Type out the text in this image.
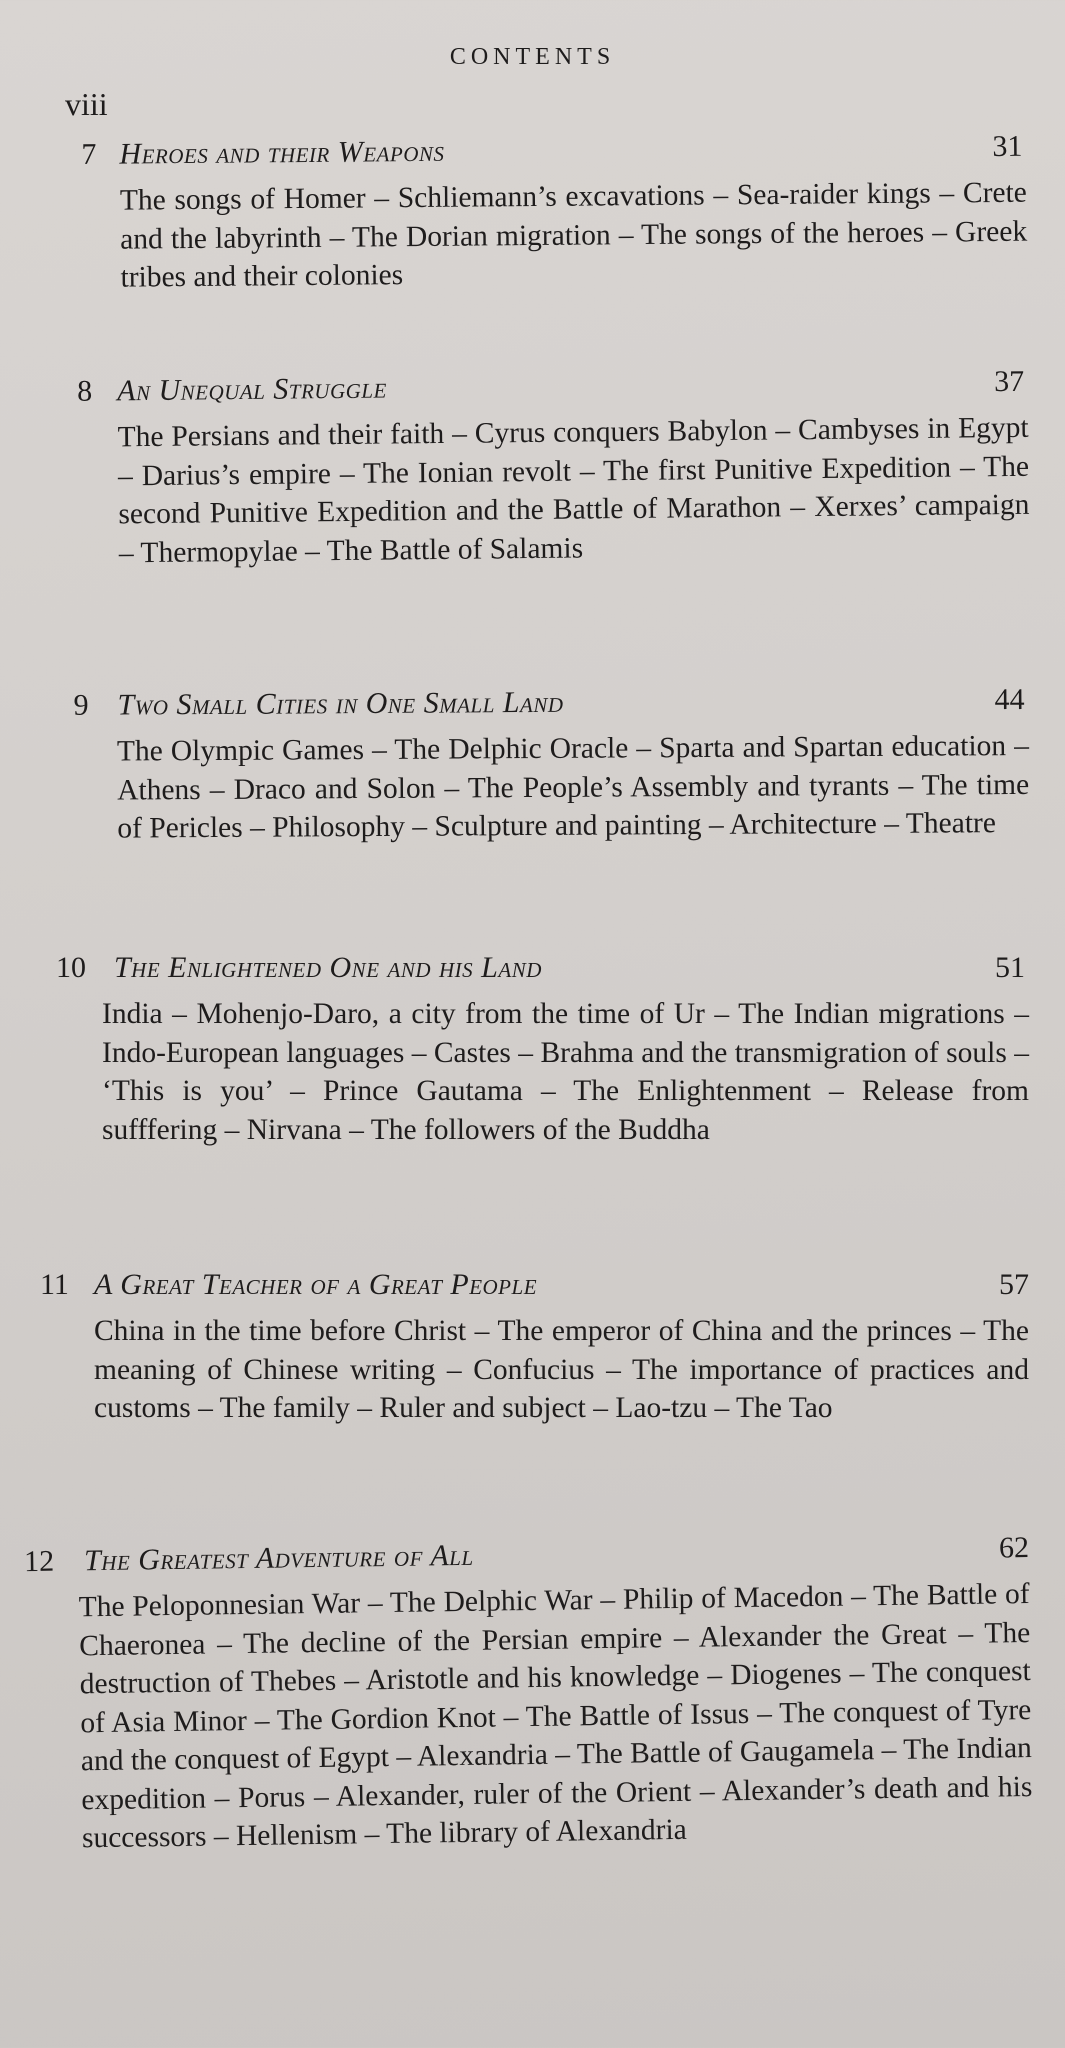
CONTENTS
viii
7 Heroes and their Weapons	31

The songs of Homer – Schliemann’s excavations – Sea-raider kings – Crete and the labyrinth – The Dorian migration – The songs of the heroes – Greek tribes and their colonies

8 An Unequal Struggle	37

The Persians and their faith – Cyrus conquers Babylon – Cambyses in Egypt – Darius’s empire – The Ionian revolt – The first Punitive Expedition – The second Punitive Expedition and the Battle of Marathon – Xerxes’ campaign – Thermopylae – The Battle of Salamis

9 Two Small Cities in One Small Land	44

The Olympic Games – The Delphic Oracle – Sparta and Spartan education – Athens – Draco and Solon – The People’s Assembly and tyrants – The time of Pericles – Philosophy – Sculpture and painting – Architecture – Theatre

10 The Enlightened One and his Land	51

India – Mohenjo-Daro, a city from the time of Ur – The Indian migrations – Indo-European languages – Castes – Brahma and the transmigration of souls – ‘This is you’ – Prince Gautama – The Enlightenment – Release from sufffering – Nirvana – The followers of the Buddha

11 A Great Teacher of a Great People	57

China in the time before Christ – The emperor of China and the princes – The meaning of Chinese writing – Confucius – The importance of practices and customs – The family – Ruler and subject – Lao-tzu – The Tao

12 The Greatest Adventure of All	62

The Peloponnesian War – The Delphic War – Philip of Macedon – The Battle of Chaeronea – The decline of the Persian empire – Alexander the Great – The destruction of Thebes – Aristotle and his knowledge – Diogenes – The conquest of Asia Minor – The Gordion Knot – The Battle of Issus – The conquest of Tyre and the conquest of Egypt – Alexandria – The Battle of Gaugamela – The Indian expedition – Porus – Alexander, ruler of the Orient – Alexander’s death and his successors – Hellenism – The library of Alexandria
